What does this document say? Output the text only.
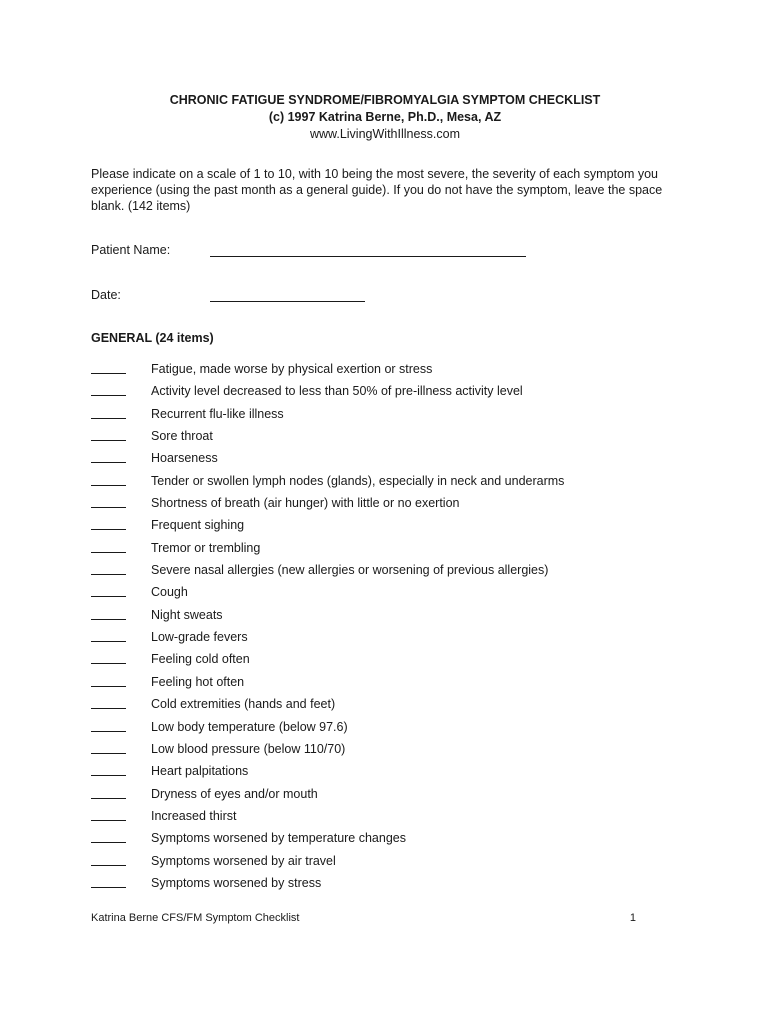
CHRONIC FATIGUE SYNDROME/FIBROMYALGIA SYMPTOM CHECKLIST

(c) 1997 Katrina Berne, Ph.D., Mesa, AZ

www.LivingWithIllness.com

Please indicate on a scale of 1 to 10, with 10 being the most severe, the severity of each symptom you experience (using the past month as a general guide). If you do not have the symptom, leave the space blank. (142 items)

Patient Name:
Date:

GENERAL (24 items)

Fatigue, made worse by physical exertion or stress
Activity level decreased to less than 50% of pre-illness activity level
Recurrent flu-like illness
Sore throat
Hoarseness
Tender or swollen lymph nodes (glands), especially in neck and underarms
Shortness of breath (air hunger) with little or no exertion
Frequent sighing
Tremor or trembling
Severe nasal allergies (new allergies or worsening of previous allergies)
Cough
Night sweats
Low-grade fevers
Feeling cold often
Feeling hot often
Cold extremities (hands and feet)
Low body temperature (below 97.6)
Low blood pressure (below 110/70)
Heart palpitations
Dryness of eyes and/or mouth
Increased thirst
Symptoms worsened by temperature changes
Symptoms worsened by air travel
Symptoms worsened by stress
Katrina Berne CFS/FM Symptom Checklist	1
